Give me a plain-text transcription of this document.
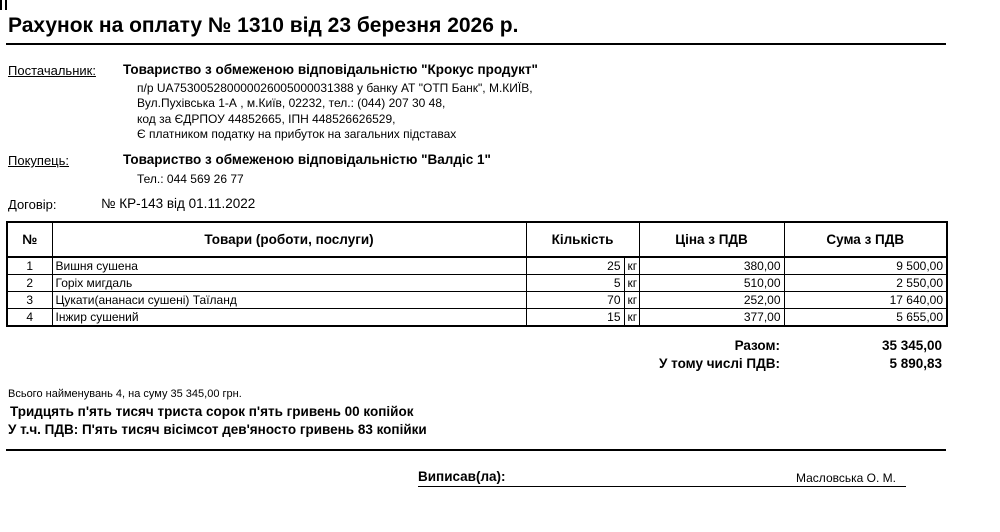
Рахунок на оплату № 1310 від 23 березня 2026 р.
Постачальник: Товариство з обмеженою відповідальністю "Крокус продукт"
п/р UA753005280000026005000031388 у банку АТ "ОТП Банк", М.КИЇВ,
Вул.Пухівська 1-А , м.Київ, 02232, тел.: (044) 207 30 48,
код за ЄДРПОУ 44852665, ІПН 448526626529,
Є платником податку на прибуток на загальних підставах
Покупець:	Товариство з обмеженою відповідальністю "Валдіс 1"
Тел.: 044 569 26 77
Договір:	№ КР-143 від 01.11.2022
№	Товари (роботи, послуги)	Кількість		Ціна з ПДВ	Сума з ПДВ
1	Вишня сушена	25	кг	380,00	9 500,00
2	Горіх мигдаль	5	кг	510,00	2 550,00
3	Цукати(ананаси сушені) Таїланд	70	кг	252,00	17 640,00
4	Інжир сушений	15	кг	377,00	5 655,00
Разом:	35 345,00
У тому числі ПДВ:	5 890,83
Всього найменувань 4, на суму 35 345,00 грн.
Тридцять п'ять тисяч триста сорок п'ять гривень 00 копійок
У т.ч. ПДВ: П'ять тисяч вісімсот дев'яносто гривень 83 копійки
Виписав(ла):	Масловська О. М.
